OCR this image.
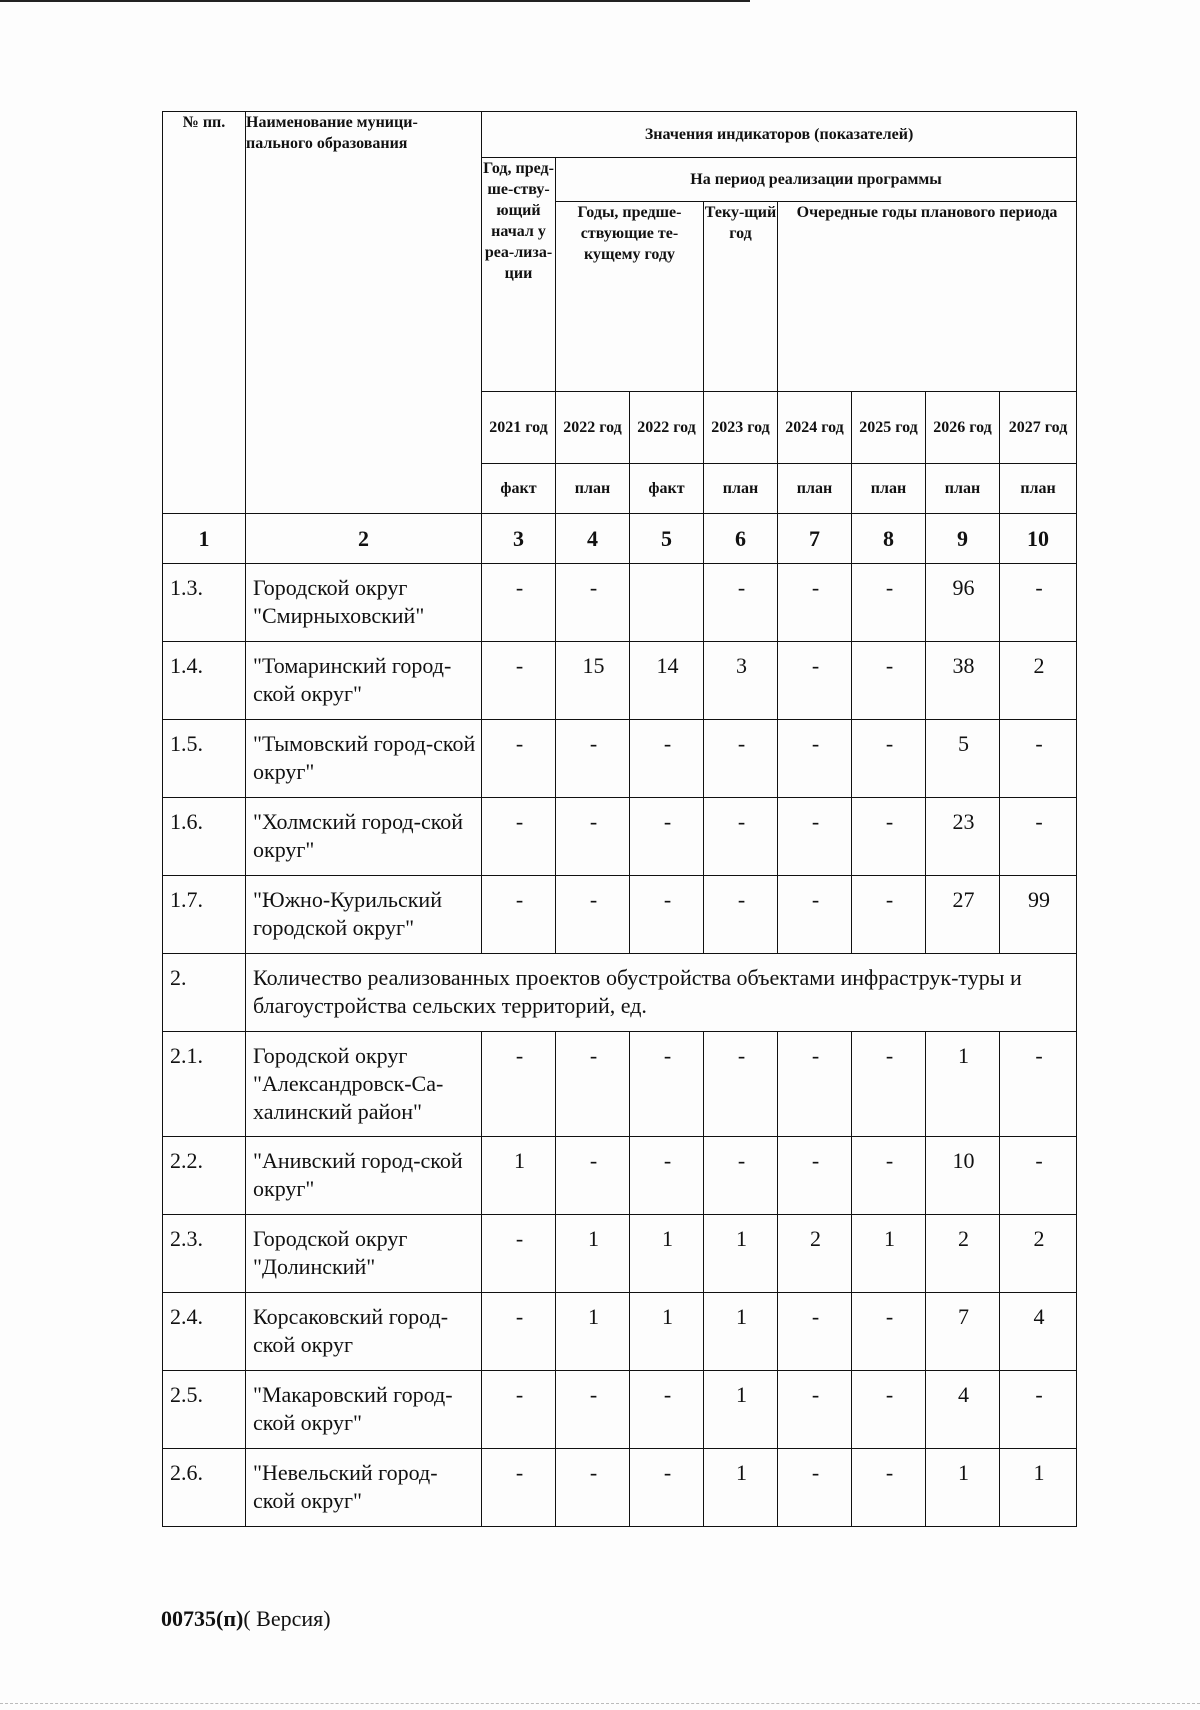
№ пп.	Наименование муници-пального образования	Значения индикаторов (показателей)							
		Год, пред-ше-ству-ющий начал у реа-лиза-ции	На период реализации программы						
			Годы, предше-ствующие те-кущему году		Теку-щий год	Очередные годы планового периода			
		2021 год	2022 год	2022 год	2023 год	2024 год	2025 год	2026 год	2027 год
		факт	план	факт	план	план	план	план	план

1	2	3	4	5	6	7	8	9	10
1.3.	Городской округ "Смирныховский"	-	-		-	-	-	96	-
1.4.	"Томаринский город-ской округ"	-	15	14	3	-	-	38	2
1.5.	"Тымовский город-ской округ"	-	-	-	-	-	-	5	-
1.6.	"Холмский город-ской округ"	-	-	-	-	-	-	23	-
1.7.	"Южно-Курильский городской округ"	-	-	-	-	-	-	27	99
2.	Количество реализованных проектов обустройства объектами инфраструк-туры и благоустройства сельских территорий, ед.								
2.1.	Городской округ "Александровск-Са-халинский район"	-	-	-	-	-	-	1	-
2.2.	"Анивский город-ской округ"	1	-	-	-	-	-	10	-
2.3.	Городской округ "Долинский"	-	1	1	1	2	1	2	2
2.4.	Корсаковский город-ской округ	-	1	1	1	-	-	7	4
2.5.	"Макаровский город-ской округ"	-	-	-	1	-	-	4	-
2.6.	"Невельский город-ской округ"	-	-	-	1	-	-	1	1
00735(п)( Версия)
